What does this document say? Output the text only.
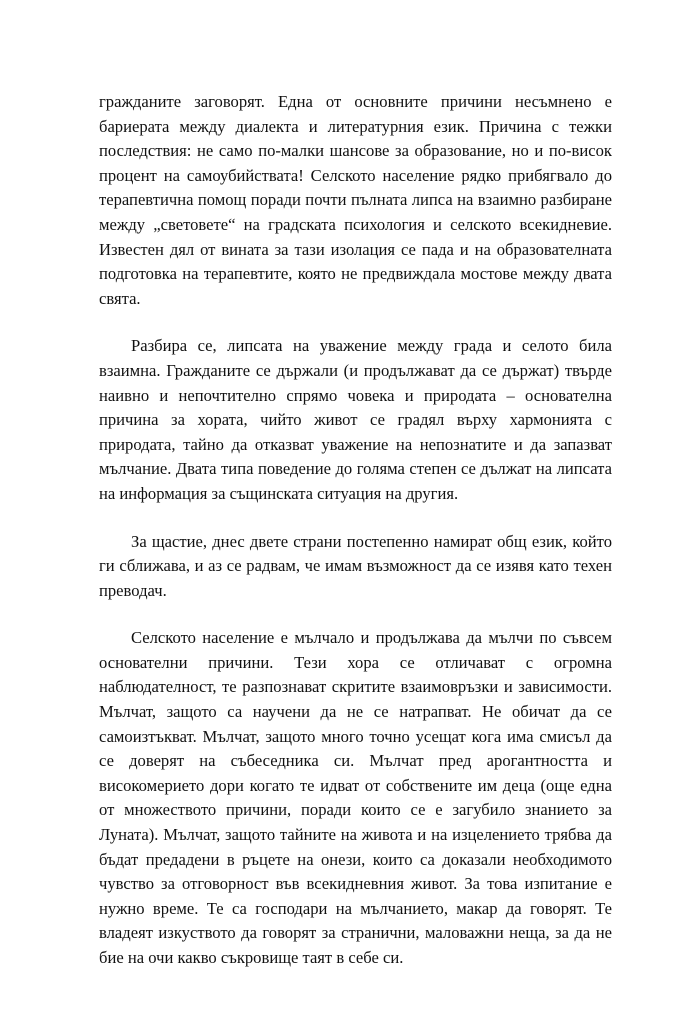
гражданите заговорят. Една от основните причини несъмнено е бариерата между диалекта и литературния език. Причина с тежки последствия: не само по-малки шансове за образование, но и по-висок процент на самоубийствата! Селското население рядко прибягвало до терапевтична помощ поради почти пълната липса на взаимно разбиране между „световете“ на градската психология и селското всекидневие. Известен дял от вината за тази изолация се пада и на образователната подготовка на терапевтите, която не предвиждала мостове между двата свята.

Разбира се, липсата на уважение между града и селото била взаимна. Гражданите се държали (и продължават да се държат) твърде наивно и непочтително спрямо човека и природата – основателна причина за хората, чийто живот се градял върху хармонията с природата, тайно да отказват уважение на непознатите и да запазват мълчание. Двата типа поведение до голяма степен се дължат на липсата на информация за същинската ситуация на другия.

За щастие, днес двете страни постепенно намират общ език, който ги сближава, и аз се радвам, че имам възможност да се изявя като техен преводач.

Селското население е мълчало и продължава да мълчи по съвсем основателни причини. Тези хора се отличават с огромна наблюдателност, те разпознават скритите взаимовръзки и зависимости. Мълчат, защото са научени да не се натрапват. Не обичат да се самоизтъкват. Мълчат, защото много точно усещат кога има смисъл да се доверят на събеседника си. Мълчат пред арогантността и високомерието дори когато те идват от собствените им деца (още една от множеството причини, поради които се е загубило знанието за Луната). Мълчат, защото тайните на живота и на изцелението трябва да бъдат предадени в ръцете на онези, които са доказали необходимото чувство за отговорност във всекидневния живот. За това изпитание е нужно време. Те са господари на мълчанието, макар да говорят. Те владеят изкуството да говорят за странични, маловажни неща, за да не бие на очи какво съкровище таят в себе си.
